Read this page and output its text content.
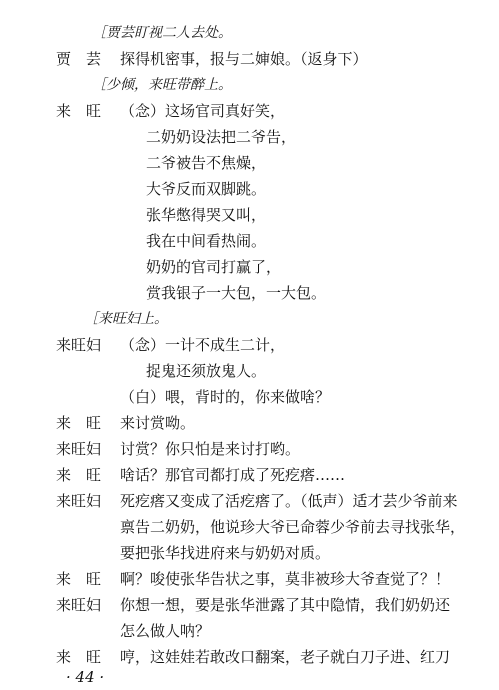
［贾芸盯视二人去处。
贾　芸	探得机密事，报与二婶娘。（返身下）
［少倾，来旺带醉上。
来　旺	（念）这场官司真好笑，
二奶奶设法把二爷告，
二爷被告不焦燥，
大爷反而双脚跳。
张华憋得哭又叫，
我在中间看热闹。
奶奶的官司打赢了，
赏我银子一大包，一大包。
［来旺妇上。
来旺妇	（念）一计不成生二计，
捉鬼还须放鬼人。
（白）喂，背时的，你来做啥？
来　旺	来讨赏呦。
来旺妇	讨赏？你只怕是来讨打哟。
来　旺	啥话？那官司都打成了死疙瘩……
来旺妇	死疙瘩又变成了活疙瘩了。（低声）适才芸少爷前来
禀告二奶奶，他说珍大爷已命蓉少爷前去寻找张华，
要把张华找进府来与奶奶对质。
来　旺	啊？唆使张华告状之事，莫非被珍大爷查觉了？！
来旺妇	你想一想，要是张华泄露了其中隐情，我们奶奶还
怎么做人呐？
来　旺	哼，这娃娃若敢改口翻案，老子就白刀子进、红刀
· 44 ·
